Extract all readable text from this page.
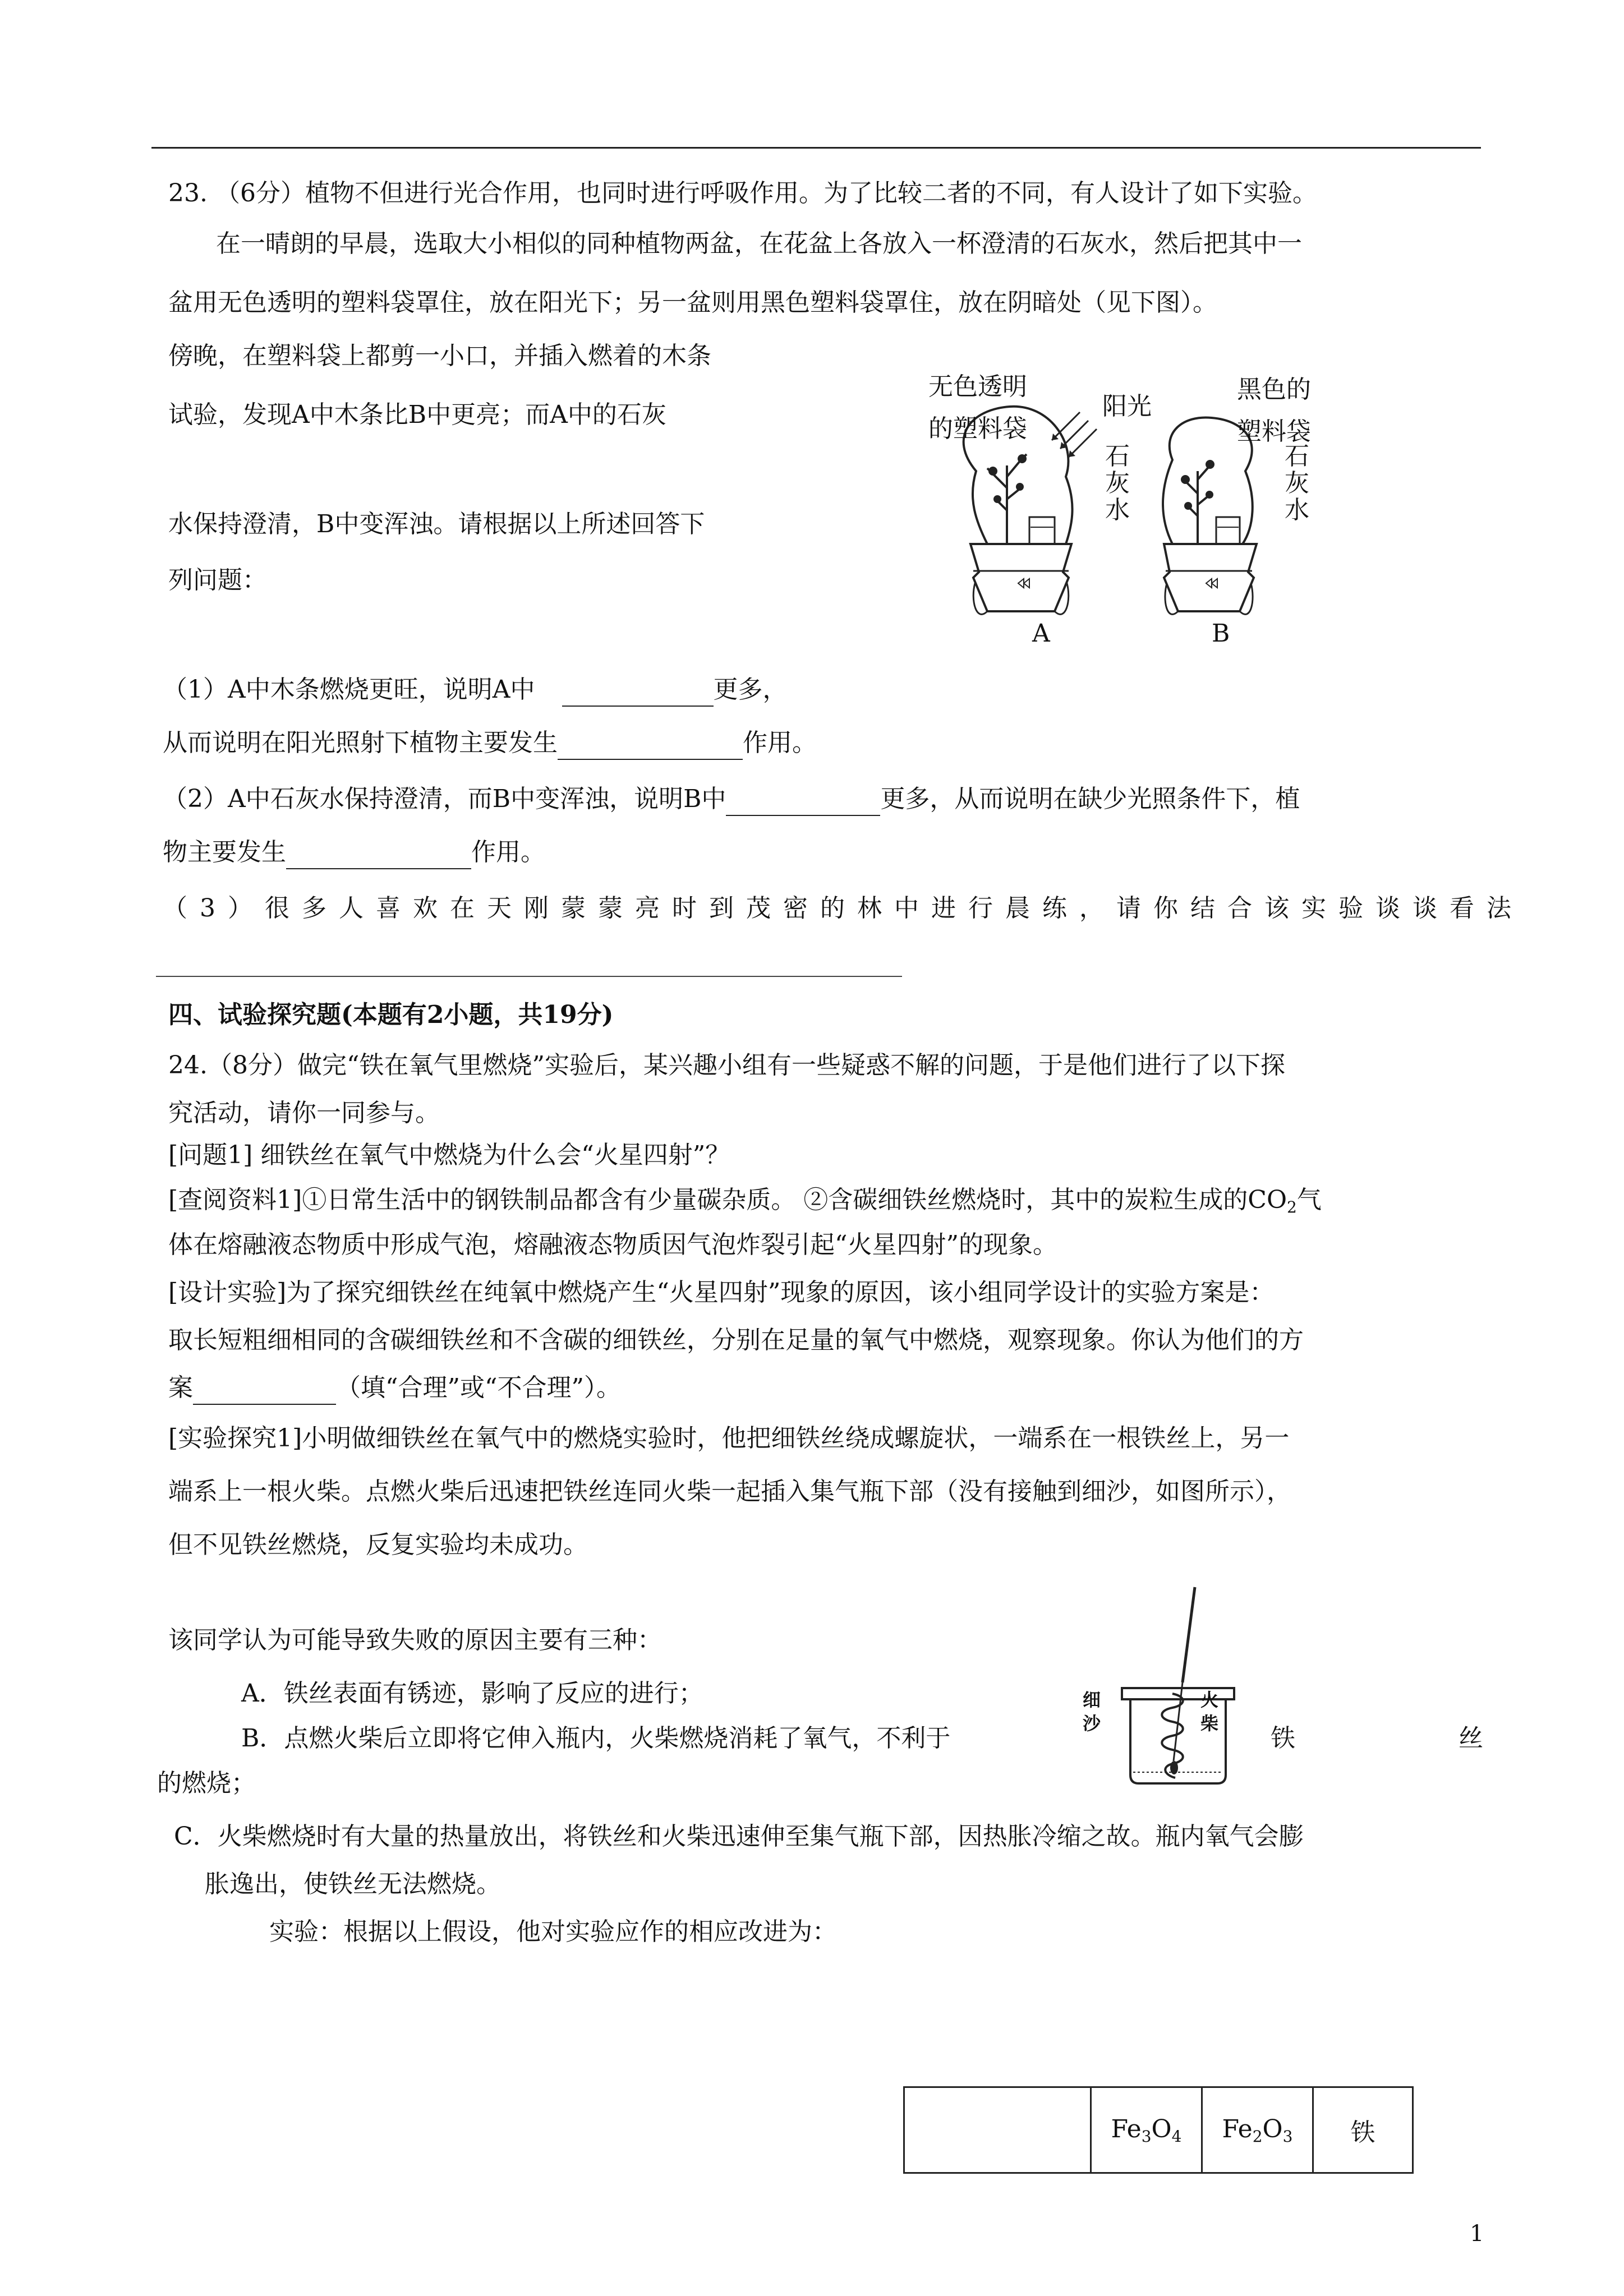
23. （6分）植物不但进行光合作用，也同时进行呼吸作用。为了比较二者的不同，有人设计了如下实验。
在一晴朗的早晨，选取大小相似的同种植物两盆，在花盆上各放入一杯澄清的石灰水，然后把其中一
盆用无色透明的塑料袋罩住，放在阳光下；另一盆则用黑色塑料袋罩住，放在阴暗处（见下图）。
傍晚，在塑料袋上都剪一小口，并插入燃着的木条
试验，发现A中木条比B中更亮；而A中的石灰
水保持澄清，B中变浑浊。请根据以上所述回答下
列问题：
无色透明
的塑料袋
阳光
石灰水
黑色的
塑料袋
石灰水
A	B
（1）A中木条燃烧更旺，说明A中	更多，
从而说明在阳光照射下植物主要发生	作用。
（2）A中石灰水保持澄清，而B中变浑浊，说明B中	更多，从而说明在缺少光照条件下，植
物主要发生	作用。
（3）很多人喜欢在天刚蒙蒙亮时到茂密的林中进行晨练，请你结合该实验谈谈看法
四、试验探究题(本题有2小题，共19分)
24.（8分）做完“铁在氧气里燃烧”实验后，某兴趣小组有一些疑惑不解的问题，于是他们进行了以下探
究活动，请你一同参与。
[问题1] 细铁丝在氧气中燃烧为什么会“火星四射”？
[查阅资料1]①日常生活中的钢铁制品都含有少量碳杂质。 ②含碳细铁丝燃烧时，其中的炭粒生成的$CO_2$气
体在熔融液态物质中形成气泡，熔融液态物质因气泡炸裂引起“火星四射”的现象。
[设计实验]为了探究细铁丝在纯氧中燃烧产生“火星四射”现象的原因，该小组同学设计的实验方案是：
取长短粗细相同的含碳细铁丝和不含碳的细铁丝，分别在足量的氧气中燃烧，观察现象。你认为他们的方
案	（填“合理”或“不合理”）。
[实验探究1]小明做细铁丝在氧气中的燃烧实验时，他把细铁丝绕成螺旋状，一端系在一根铁丝上，另一
端系上一根火柴。点燃火柴后迅速把铁丝连同火柴一起插入集气瓶下部（没有接触到细沙，如图所示），
但不见铁丝燃烧，反复实验均未成功。
该同学认为可能导致失败的原因主要有三种：
A．铁丝表面有锈迹，影响了反应的进行；
B．点燃火柴后立即将它伸入瓶内，火柴燃烧消耗了氧气，不利于	铁	丝
的燃烧；
C．火柴燃烧时有大量的热量放出，将铁丝和火柴迅速伸至集气瓶下部，因热胀冷缩之故。瓶内氧气会膨
胀逸出，使铁丝无法燃烧。
实验：根据以上假设，他对实验应作的相应改进为：
细沙
火柴
	$Fe_3O_4$	$Fe_2O_3$	铁
1
